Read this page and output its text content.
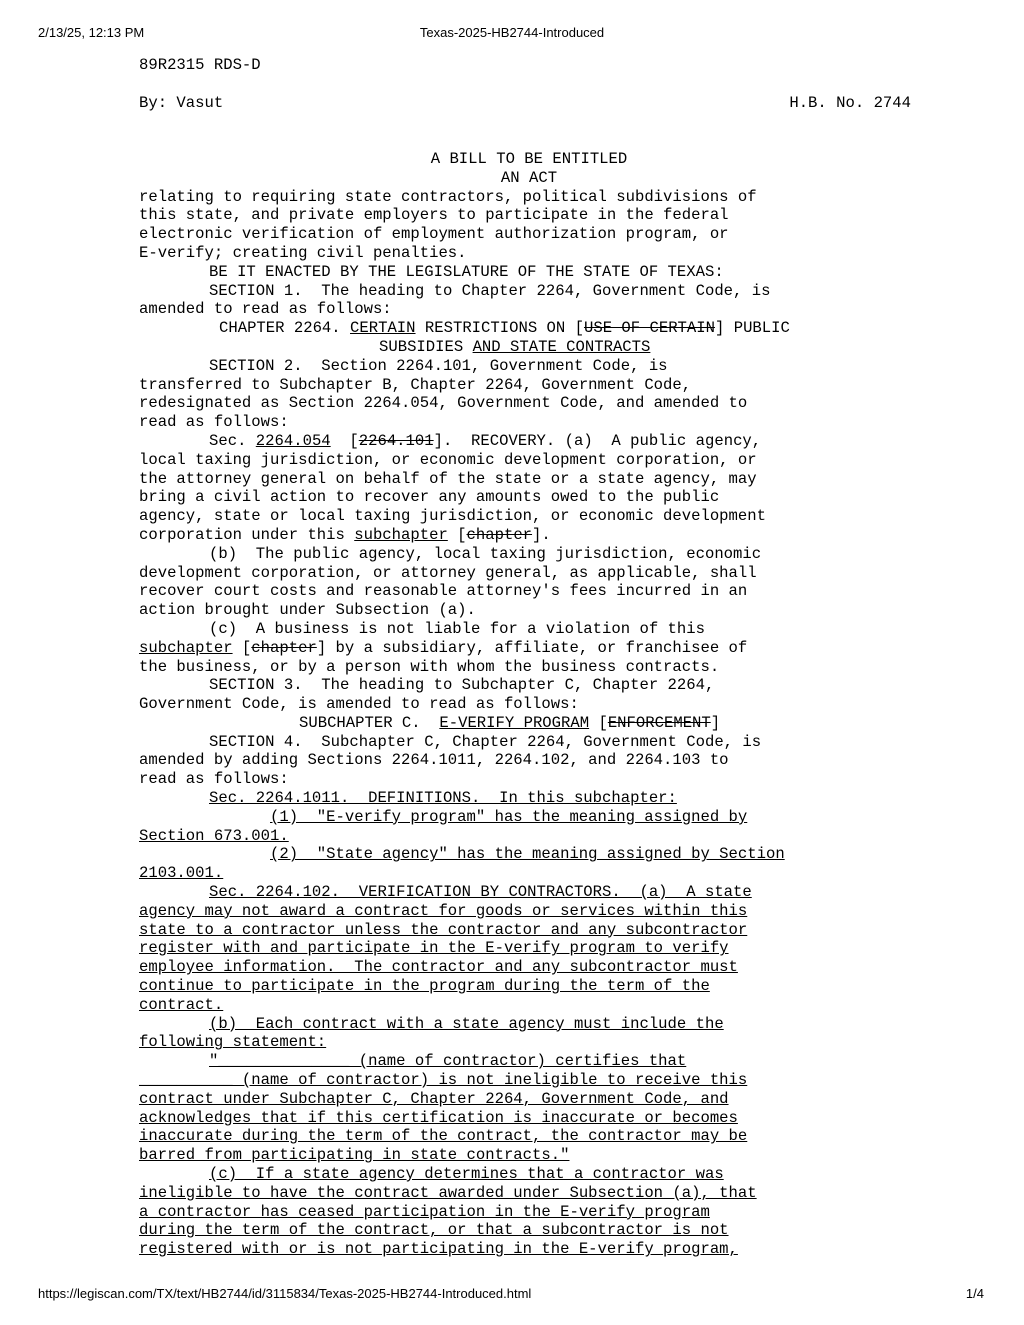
2/13/25, 12:13 PM	Texas-2025-HB2744-Introduced
89R2315 RDS-D
By: Vasut	H.B. No. 2744
A BILL TO BE ENTITLED
AN ACT
relating to requiring state contractors, political subdivisions of
this state, and private employers to participate in the federal
electronic verification of employment authorization program, or
E-verify; creating civil penalties.
BE IT ENACTED BY THE LEGISLATURE OF THE STATE OF TEXAS:
SECTION 1.  The heading to Chapter 2264, Government Code, is
amended to read as follows:
CHAPTER 2264. CERTAIN RESTRICTIONS ON [USE OF CERTAIN] PUBLIC
SUBSIDIES AND STATE CONTRACTS
SECTION 2.  Section 2264.101, Government Code, is
transferred to Subchapter B, Chapter 2264, Government Code,
redesignated as Section 2264.054, Government Code, and amended to
read as follows:
Sec. 2264.054  [2264.101].  RECOVERY. (a)  A public agency,
local taxing jurisdiction, or economic development corporation, or
the attorney general on behalf of the state or a state agency, may
bring a civil action to recover any amounts owed to the public
agency, state or local taxing jurisdiction, or economic development
corporation under this subchapter [chapter].
(b)  The public agency, local taxing jurisdiction, economic
development corporation, or attorney general, as applicable, shall
recover court costs and reasonable attorney's fees incurred in an
action brought under Subsection (a).
(c)  A business is not liable for a violation of this
subchapter [chapter] by a subsidiary, affiliate, or franchisee of
the business, or by a person with whom the business contracts.
SECTION 3.  The heading to Subchapter C, Chapter 2264,
Government Code, is amended to read as follows:
SUBCHAPTER C.  E-VERIFY PROGRAM [ENFORCEMENT]
SECTION 4.  Subchapter C, Chapter 2264, Government Code, is
amended by adding Sections 2264.1011, 2264.102, and 2264.103 to
read as follows:
Sec. 2264.1011.  DEFINITIONS.  In this subchapter:
(1)  "E-verify program" has the meaning assigned by
Section 673.001.
(2)  "State agency" has the meaning assigned by Section
2103.001.
Sec. 2264.102.  VERIFICATION BY CONTRACTORS.  (a)  A state
agency may not award a contract for goods or services within this
state to a contractor unless the contractor and any subcontractor
register with and participate in the E-verify program to verify
employee information.  The contractor and any subcontractor must
continue to participate in the program during the term of the
contract.
(b)  Each contract with a state agency must include the
following statement:
"______________ (name of contractor) certifies that
__________ (name of contractor) is not ineligible to receive this
contract under Subchapter C, Chapter 2264, Government Code, and
acknowledges that if this certification is inaccurate or becomes
inaccurate during the term of the contract, the contractor may be
barred from participating in state contracts."
(c)  If a state agency determines that a contractor was
ineligible to have the contract awarded under Subsection (a), that
a contractor has ceased participation in the E-verify program
during the term of the contract, or that a subcontractor is not
registered with or is not participating in the E-verify program,
https://legiscan.com/TX/text/HB2744/id/3115834/Texas-2025-HB2744-Introduced.html	1/4
